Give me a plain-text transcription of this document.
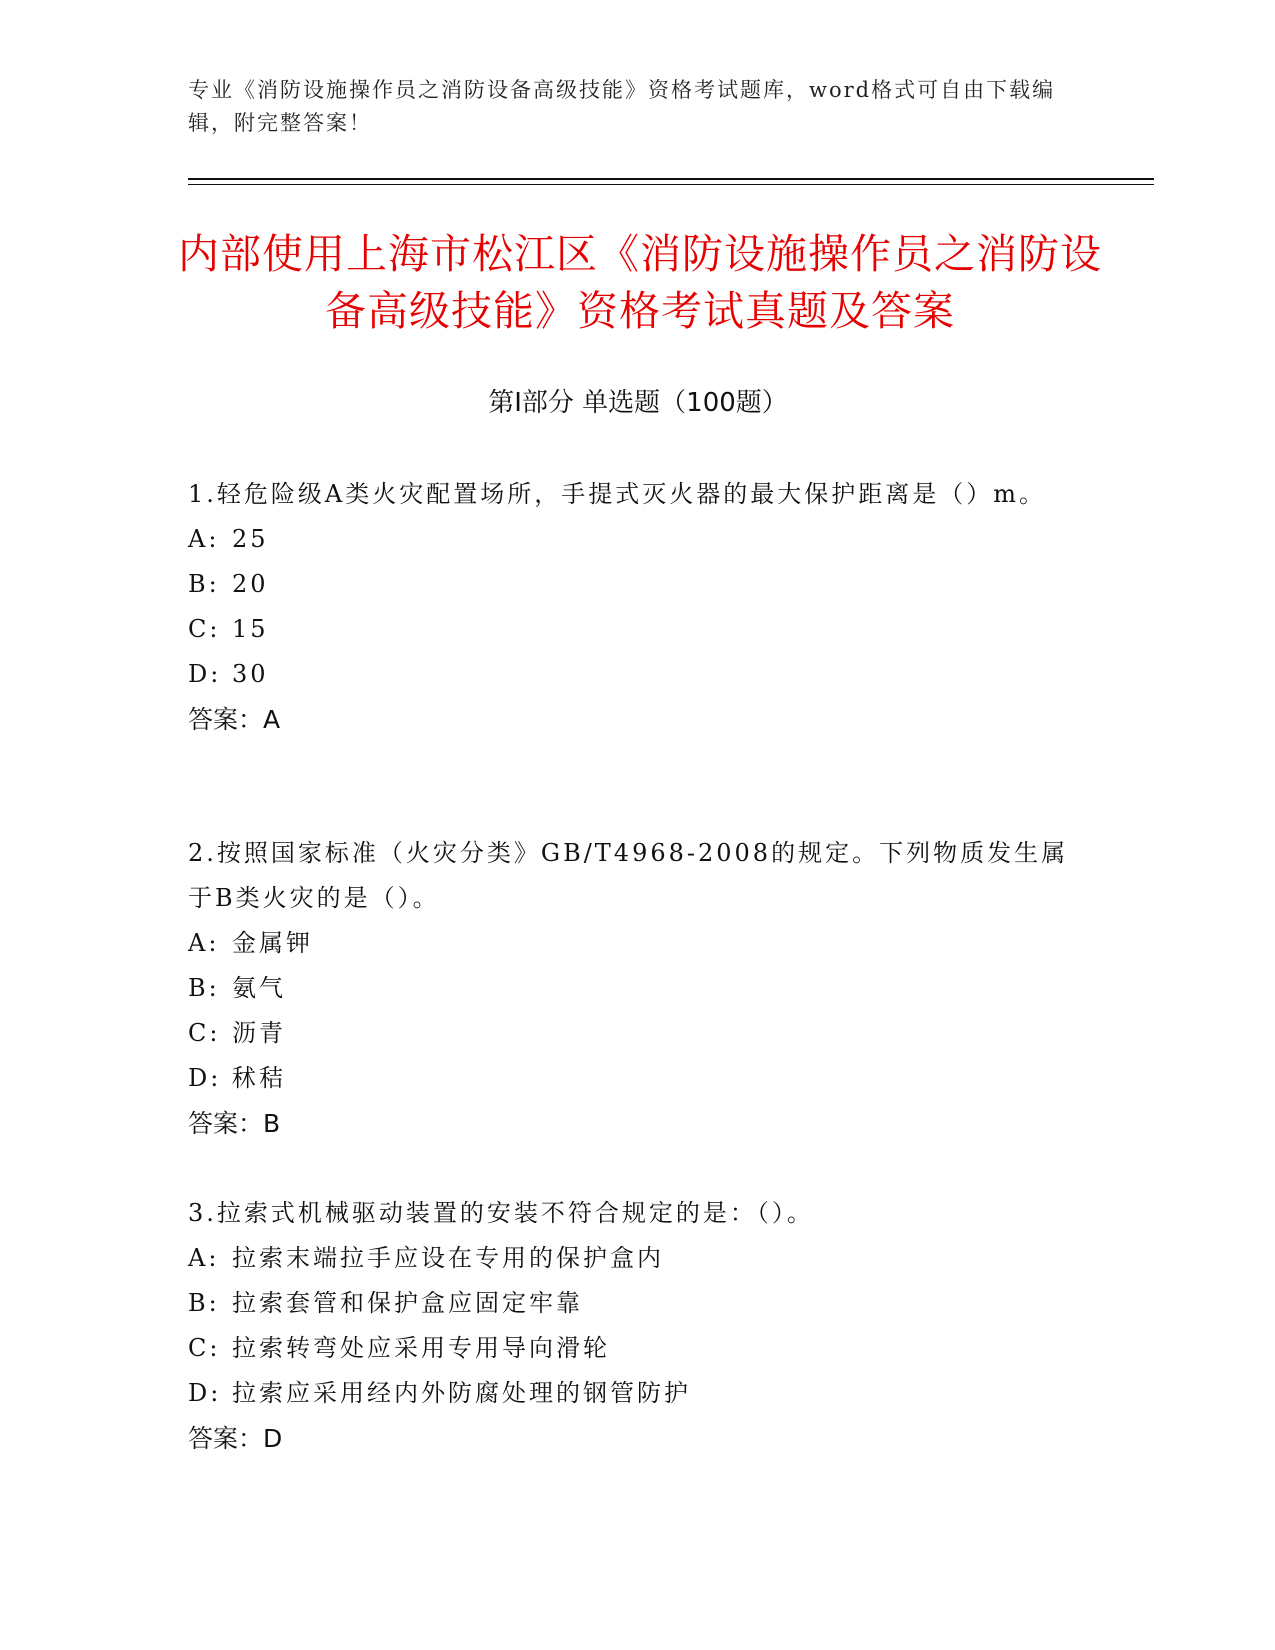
专业《消防设施操作员之消防设备高级技能》资格考试题库，word格式可自由下载编辑，附完整答案！
内部使用上海市松江区《消防设施操作员之消防设备高级技能》资格考试真题及答案
第Ⅰ部分 单选题（100题）

1.轻危险级A类火灾配置场所，手提式灭火器的最大保护距离是（）m。

A: 25

B: 20

C: 15

D: 30

答案：A

2.按照国家标准（火灾分类》GB/T4968-2008的规定。下列物质发生属于B类火灾的是（）。

A: 金属钾

B: 氨气

C: 沥青

D: 秫秸

答案：B

3.拉索式机械驱动装置的安装不符合规定的是：（）。

A: 拉索末端拉手应设在专用的保护盒内

B: 拉索套管和保护盒应固定牢靠

C: 拉索转弯处应采用专用导向滑轮

D: 拉索应采用经内外防腐处理的钢管防护

答案：D
